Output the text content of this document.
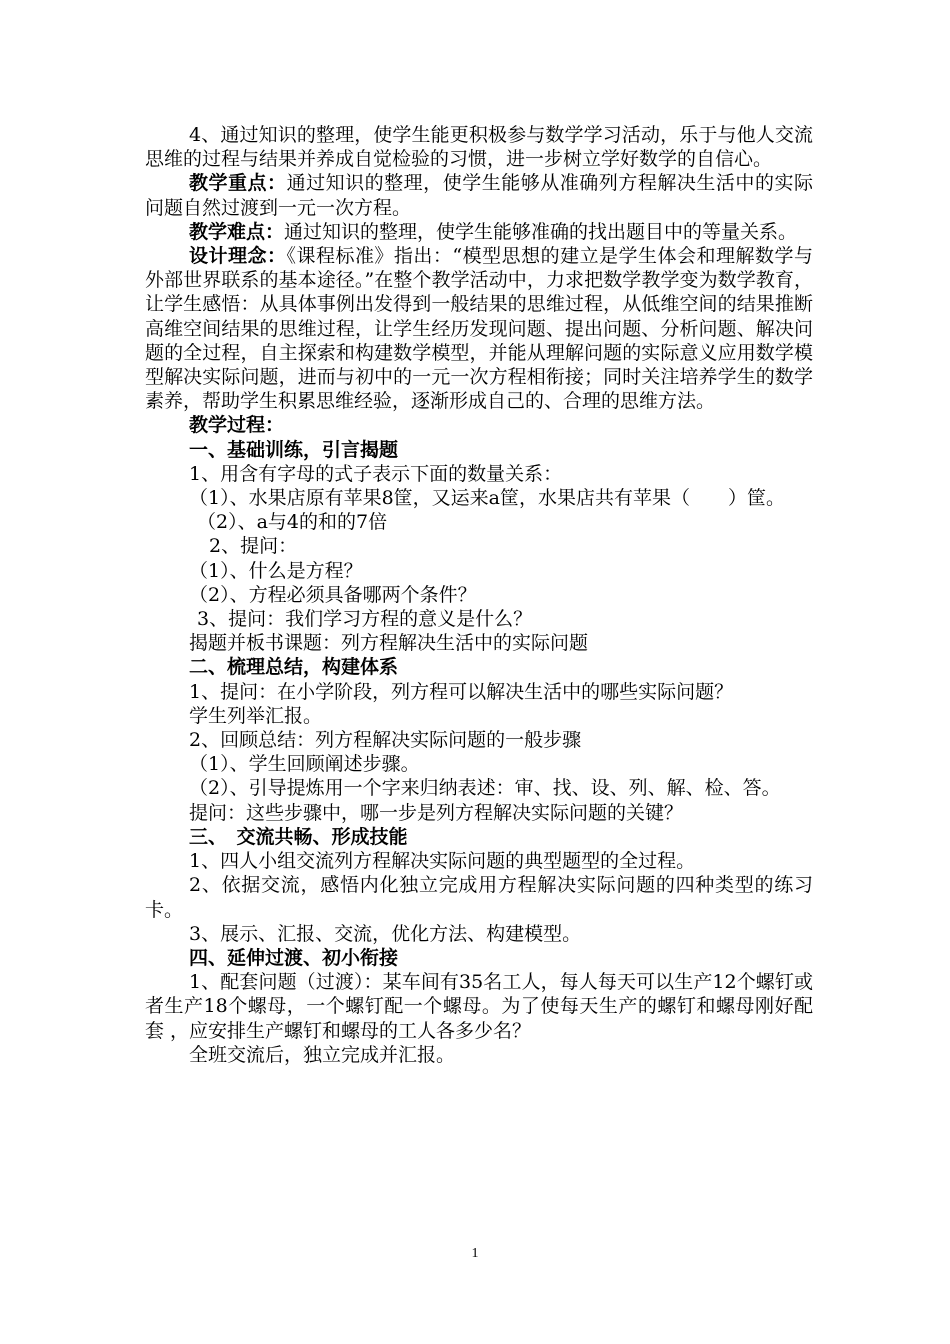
4、通过知识的整理，使学生能更积极参与数学学习活动，乐于与他人交流思维的过程与结果并养成自觉检验的习惯，进一步树立学好数学的自信心。

教学重点：通过知识的整理，使学生能够从准确列方程解决生活中的实际问题自然过渡到一元一次方程。

教学难点：通过知识的整理，使学生能够准确的找出题目中的等量关系。

设计理念：《课程标准》指出：“模型思想的建立是学生体会和理解数学与外部世界联系的基本途径。”在整个教学活动中，力求把数学教学变为数学教育，让学生感悟：从具体事例出发得到一般结果的思维过程，从低维空间的结果推断高维空间结果的思维过程，让学生经历发现问题、提出问题、分析问题、解决问题的全过程，自主探索和构建数学模型，并能从理解问题的实际意义应用数学模型解决实际问题，进而与初中的一元一次方程相衔接；同时关注培养学生的数学素养，帮助学生积累思维经验，逐渐形成自己的、合理的思维方法。

教学过程：

一、基础训练，引言揭题

1、用含有字母的式子表示下面的数量关系：

（1）、水果店原有苹果8筐，又运来a筐，水果店共有苹果（　　）筐。

（2）、a与4的和的7倍

2、提问：

（1）、什么是方程？

（2）、方程必须具备哪两个条件？

3、提问：我们学习方程的意义是什么？

揭题并板书课题：列方程解决生活中的实际问题

二、梳理总结，构建体系

1、提问：在小学阶段，列方程可以解决生活中的哪些实际问题？

学生列举汇报。

2、回顾总结：列方程解决实际问题的一般步骤

（1）、学生回顾阐述步骤。

（2）、引导提炼用一个字来归纳表述：审、找、设、列、解、检、答。

提问：这些步骤中，哪一步是列方程解决实际问题的关键？

三、　交流共畅、形成技能

1、四人小组交流列方程解决实际问题的典型题型的全过程。

2、依据交流，感悟内化独立完成用方程解决实际问题的四种类型的练习卡。

3、展示、汇报、交流，优化方法、构建模型。

四、延伸过渡、初小衔接

1、配套问题（过渡）：某车间有35名工人，每人每天可以生产12个螺钉或者生产18个螺母，一个螺钉配一个螺母。为了使每天生产的螺钉和螺母刚好配套 ，应安排生产螺钉和螺母的工人各多少名？

全班交流后，独立完成并汇报。

1
